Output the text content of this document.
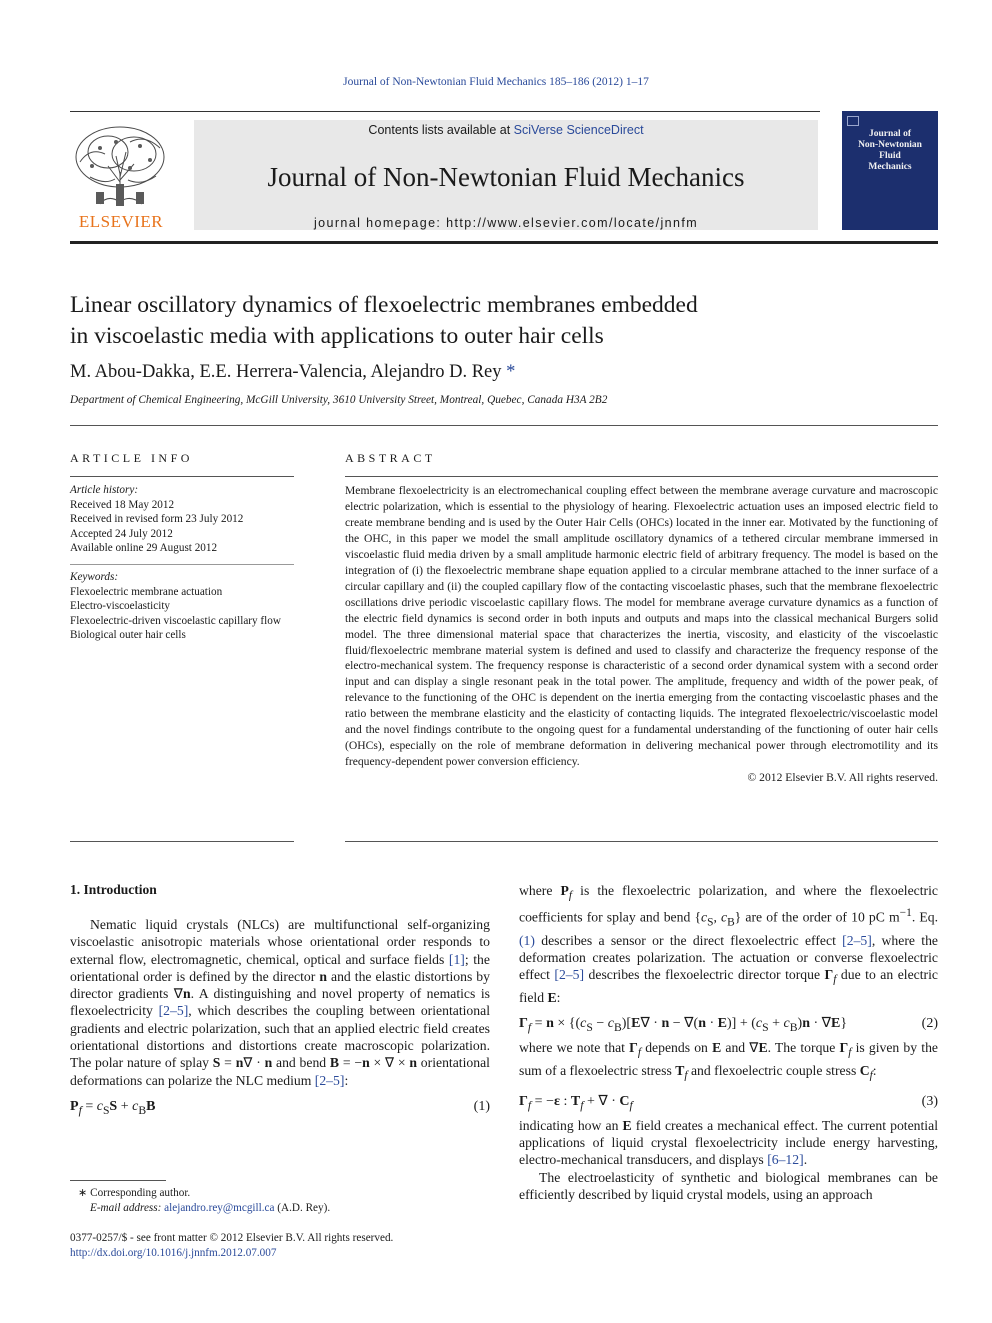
Journal of Non-Newtonian Fluid Mechanics 185–186 (2012) 1–17
ELSEVIER
Contents lists available at SciVerse ScienceDirect
Journal of Non-Newtonian Fluid Mechanics
journal homepage: http://www.elsevier.com/locate/jnnfm
Journal of
Non-Newtonian
Fluid
Mechanics
Linear oscillatory dynamics of flexoelectric membranes embedded
in viscoelastic media with applications to outer hair cells
M. Abou-Dakka, E.E. Herrera-Valencia, Alejandro D. Rey *
Department of Chemical Engineering, McGill University, 3610 University Street, Montreal, Quebec, Canada H3A 2B2
ARTICLE INFO
Article history:
Received 18 May 2012
Received in revised form 23 July 2012
Accepted 24 July 2012
Available online 29 August 2012
Keywords:
Flexoelectric membrane actuation
Electro-viscoelasticity
Flexoelectric-driven viscoelastic capillary flow
Biological outer hair cells
ABSTRACT
Membrane flexoelectricity is an electromechanical coupling effect between the membrane average curvature and macroscopic electric polarization, which is essential to the physiology of hearing. Flexoelectric actuation uses an imposed electric field to create membrane bending and is used by the Outer Hair Cells (OHCs) located in the inner ear. Motivated by the functioning of the OHC, in this paper we model the small amplitude oscillatory dynamics of a tethered circular membrane immersed in viscoelastic fluid media driven by a small amplitude harmonic electric field of arbitrary frequency. The model is based on the integration of (i) the flexoelectric membrane shape equation applied to a circular membrane attached to the inner surface of a circular capillary and (ii) the coupled capillary flow of the contacting viscoelastic phases, such that the membrane flexoelectric oscillations drive periodic viscoelastic capillary flows. The model for membrane average curvature dynamics as a function of the electric field dynamics is second order in both inputs and outputs and maps into the classical mechanical Burgers solid model. The three dimensional material space that characterizes the inertia, viscosity, and elasticity of the viscoelastic fluid/flexoelectric membrane material system is defined and used to classify and characterize the frequency response of the electro-mechanical system. The frequency response is characteristic of a second order dynamical system with a second order input and can display a single resonant peak in the total power. The amplitude, frequency and width of the power peak, of relevance to the functioning of the OHC is dependent on the inertia emerging from the contacting viscoelastic phases and the ratio between the membrane elasticity and the elasticity of contacting liquids. The integrated flexoelectric/viscoelastic model and the novel findings contribute to the ongoing quest for a fundamental understanding of the functioning of outer hair cells (OHCs), especially on the role of membrane deformation in delivering mechanical power through electromotility and its frequency-dependent power conversion efficiency.
© 2012 Elsevier B.V. All rights reserved.
1. Introduction

Nematic liquid crystals (NLCs) are multifunctional self-organizing viscoelastic anisotropic materials whose orientational order responds to external flow, electromagnetic, chemical, optical and surface fields [1]; the orientational order is defined by the director n and the elastic distortions by director gradients ∇n. A distinguishing and novel property of nematics is flexoelectricity [2–5], which describes the coupling between orientational gradients and electric polarization, such that an applied electric field creates orientational distortions and distortions create macroscopic polarization. The polar nature of splay S = n∇ · n and bend B = −n × ∇ × n orientational deformations can polarize the NLC medium [2–5]:

$P_f = c_SS + c_BB$	(1)

where $P_f$ is the flexoelectric polarization, and where the flexoelectric coefficients for splay and bend {$c_S$, $c_B$} are of the order of 10 pC $m^{-1}$. Eq. (1) describes a sensor or the direct flexoelectric effect [2–5], where the deformation creates polarization. The actuation or converse flexoelectric effect [2–5] describes the flexoelectric director torque $\Gamma_f$ due to an electric field E:

$\Gamma_f = n \times \{(c_S - c_B)[E\nabla \cdot n - \nabla(n \cdot E)] + (c_S + c_B)n \cdot \nabla E\}$	(2)

where we note that $\Gamma_f$ depends on E and ∇E. The torque $\Gamma_f$ is given by the sum of a flexoelectric stress $T_f$ and flexoelectric couple stress $C_f$:

$\Gamma_f = -\varepsilon$ : $T_f$ + ∇ · $C_f$	(3)

indicating how an E field creates a mechanical effect. The current potential applications of liquid crystal flexoelectricity include energy harvesting, electro-mechanical transducers, and displays [6–12].

The electroelasticity of synthetic and biological membranes can be efficiently described by liquid crystal models, using an approach

∗ Corresponding author.
E-mail address: alejandro.rey@mcgill.ca (A.D. Rey).
0377-0257/$ - see front matter © 2012 Elsevier B.V. All rights reserved.
http://dx.doi.org/10.1016/j.jnnfm.2012.07.007
